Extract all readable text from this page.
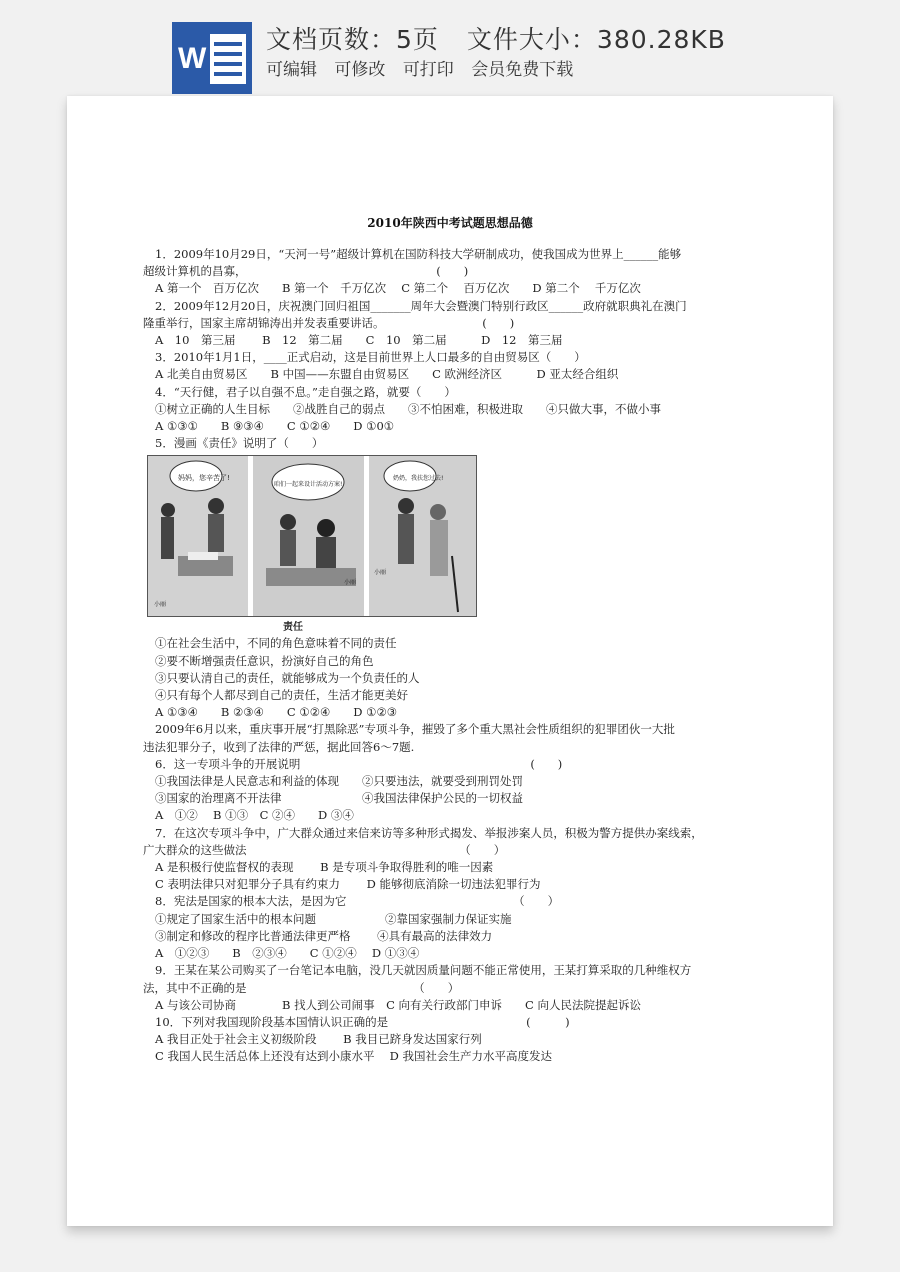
W
文档页数：5页 文件大小：380.28KB
可编辑 可修改 可打印 会员免费下载
2010年陕西中考试题思想品德
1．2009年10月29日，“天河一号”超级计算机在国防科技大学研制成功，使我国成为世界上______能够
超级计算机的昌寡，　　　　　　　　　　　　　　　　　(　　)
A 第一个　百万亿次　　B 第一个　千万亿次　 C 第二个　 百万亿次　　D 第二个　 千万亿次
2．2009年12月20日，庆祝澳门回归祖国_______周年大会暨澳门特别行政区______政府就职典礼在澳门
隆重举行，国家主席胡锦涛出并发表重要讲话。　　　　　　　　　(　　)
A　10　第三届　　 B　12　第二届　　C　10　第二届　　　D　12　第三届
3．2010年1月1日，____正式启动，这是目前世界上人口最多的自由贸易区（　　）
A 北美自由贸易区　　B 中国——东盟自由贸易区　　C 欧洲经济区　　　D 亚太经合组织
4．“天行健，君子以自强不息。”走自强之路，就要（　　）
①树立正确的人生目标　　②战胜自己的弱点　　③不怕困难，积极进取　　④只做大事，不做小事
A ①③①　　B ⑨③④　　C ①②④　　D ①0①
5．漫画《责任》说明了（　　）
妈妈，您辛苦了!
小丽
咱们一起来设计活动方案!
小丽
奶奶，我扶您过去!
小丽
责任
①在社会生活中，不同的角色意味着不同的责任
②要不断增强责任意识，扮演好自己的角色
③只要认清自己的责任，就能够成为一个负责任的人
④只有每个人都尽到自己的责任，生活才能更美好
A ①③④　　B ②③④　　C ①②④　　D ①②③
2009年6月以来，重庆事开展“打黑除恶”专项斗争，摧毁了多个重大黑社会性质组织的犯罪团伙一大批
违法犯罪分子，收到了法律的严惩，据此回答6～7题.
6．这一专项斗争的开展说明　　　　　　　　　　　　　　　　　　　　(　　)
①我国法律是人民意志和利益的体现　　②只要违法，就要受到刑罚处罚
③国家的治理离不开法律　　　　　　　④我国法律保护公民的一切权益
A　①②　 B ①③　C ②④　　D ③④
7．在这次专项斗争中，广大群众通过来信来访等多种形式揭发、举报涉案人员，积极为警方提供办案线索，
广大群众的这些做法　　　　　　　　　　　　　　　　　　　（　　）
A 是积极行使监督权的表现　　 B 是专项斗争取得胜利的唯一因素
C 表明法律只对犯罪分子具有约束力　　 D 能够彻底消除一切违法犯罪行为
8．宪法是国家的根本大法，是因为它　　　　　　　　　　　　　　　（　　）
①规定了国家生活中的根本问题　　　　　　②靠国家强制力保证实施
③制定和修改的程序比普通法律更严格　　 ④具有最高的法律效力
A　①②③　　B　②③④　　C ①②④　 D ①③④
9．王某在某公司购买了一台笔记本电脑，没几天就因质量问题不能正常使用，王某打算采取的几种维权方
法，其中不正确的是　　　　　　　　　　　　　　　（　　）
A 与该公司协商　　　　B 找人到公司闹事　C 向有关行政部门申诉　　C 向人民法院提起诉讼
10．下列对我国现阶段基本国情认识正确的是　　　　　　　　　　　　(　　　)
A 我目正处于社会主义初级阶段　　 B 我目已跻身发达国家行列
C 我国人民生活总体上还没有达到小康水平　 D 我国社会生产力水平高度发达
